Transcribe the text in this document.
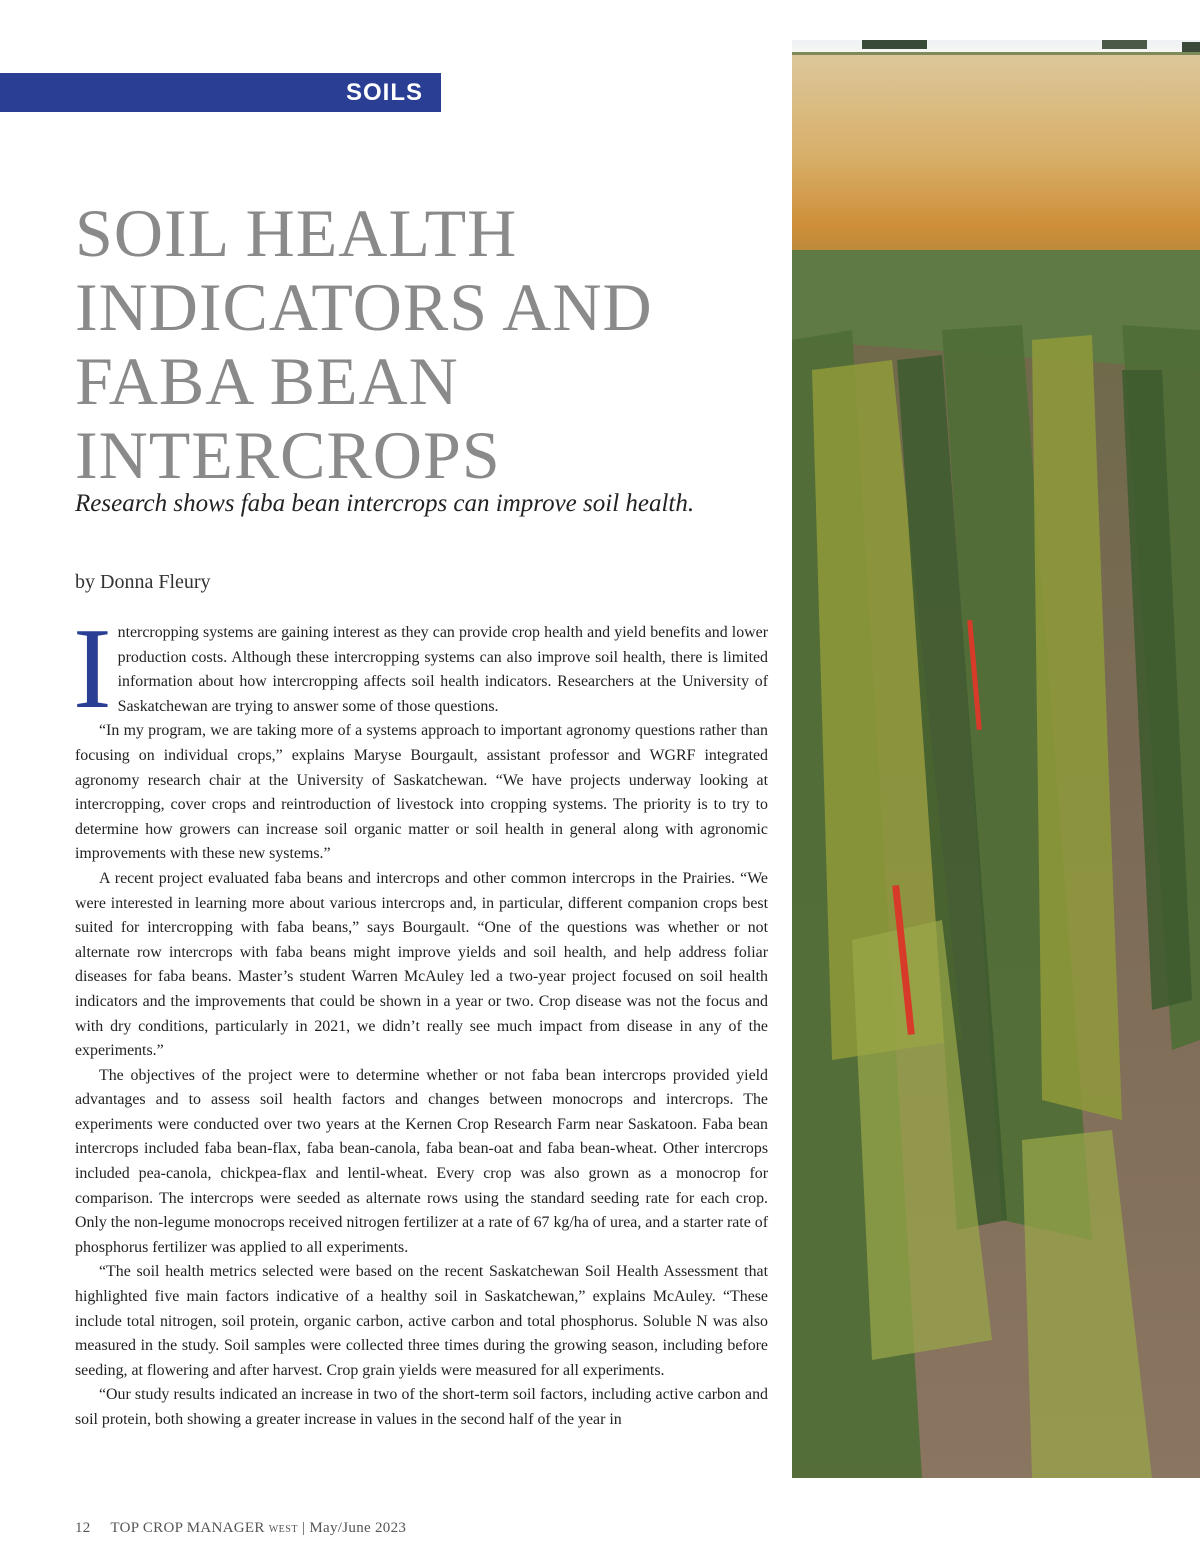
SOILS
SOIL HEALTH
INDICATORS AND
FABA BEAN
INTERCROPS

Research shows faba bean intercrops can improve soil health.

by Donna Fleury

Intercropping systems are gaining interest as they can provide crop health and yield benefits and lower production costs. Although these intercropping systems can also improve soil health, there is limited information about how intercropping affects soil health indicators. Researchers at the University of Saskatchewan are trying to answer some of those questions.

“In my program, we are taking more of a systems approach to important agronomy questions rather than focusing on individual crops,” explains Maryse Bourgault, assistant professor and WGRF integrated agronomy research chair at the University of Saskatchewan. “We have projects underway looking at intercropping, cover crops and reintroduction of livestock into cropping systems. The priority is to try to determine how growers can increase soil organic matter or soil health in general along with agronomic improvements with these new systems.”

A recent project evaluated faba beans and intercrops and other common intercrops in the Prairies. “We were interested in learning more about various intercrops and, in particular, different companion crops best suited for intercropping with faba beans,” says Bourgault. “One of the questions was whether or not alternate row intercrops with faba beans might improve yields and soil health, and help address foliar diseases for faba beans. Master’s student Warren McAuley led a two-year project focused on soil health indicators and the improvements that could be shown in a year or two. Crop disease was not the focus and with dry conditions, particularly in 2021, we didn’t really see much impact from disease in any of the experiments.”

The objectives of the project were to determine whether or not faba bean intercrops provided yield advantages and to assess soil health factors and changes between monocrops and intercrops. The experiments were conducted over two years at the Kernen Crop Research Farm near Saskatoon. Faba bean intercrops included faba bean-flax, faba bean-canola, faba bean-oat and faba bean-wheat. Other intercrops included pea-canola, chickpea-flax and lentil-wheat. Every crop was also grown as a monocrop for comparison. The intercrops were seeded as alternate rows using the standard seeding rate for each crop. Only the non-legume monocrops received nitrogen fertilizer at a rate of 67 kg/ha of urea, and a starter rate of phosphorus fertilizer was applied to all experiments.

“The soil health metrics selected were based on the recent Saskatchewan Soil Health Assessment that highlighted five main factors indicative of a healthy soil in Saskatchewan,” explains McAuley. “These include total nitrogen, soil protein, organic carbon, active carbon and total phosphorus. Soluble N was also measured in the study. Soil samples were collected three times during the growing season, including before seeding, at flowering and after harvest. Crop grain yields were measured for all experiments.

“Our study results indicated an increase in two of the short-term soil factors, including active carbon and soil protein, both showing a greater increase in values in the second half of the year in

12 TOP CROP MANAGER WEST | May/June 2023
